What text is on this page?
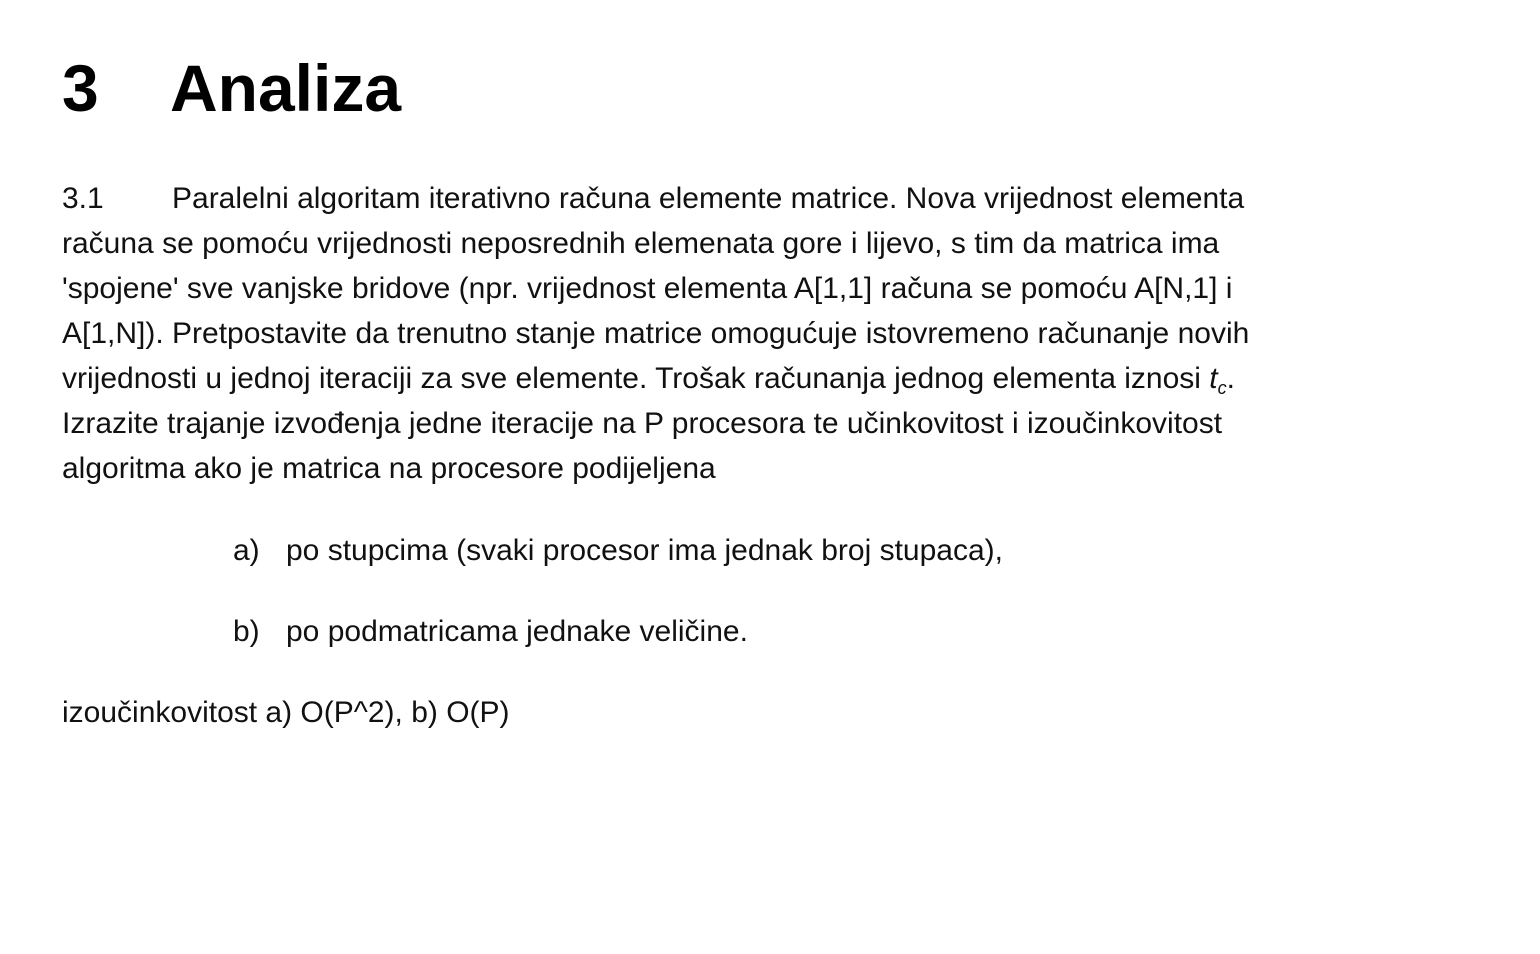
3 Analiza
3.1 Paralelni algoritam iterativno računa elemente matrice. Nova vrijednost elementa
računa se pomoću vrijednosti neposrednih elemenata gore i lijevo, s tim da matrica ima
'spojene' sve vanjske bridove (npr. vrijednost elementa A[1,1] računa se pomoću A[N,1] i
A[1,N]). Pretpostavite da trenutno stanje matrice omogućuje istovremeno računanje novih
vrijednosti u jednoj iteraciji za sve elemente. Trošak računanja jednog elementa iznosi $t_c$.
Izrazite trajanje izvođenja jedne iteracije na P procesora te učinkovitost i izoučinkovitost
algoritma ako je matrica na procesore podijeljena
a) po stupcima (svaki procesor ima jednak broj stupaca),
b) po podmatricama jednake veličine.
izoučinkovitost a) O(P^2), b) O(P)
